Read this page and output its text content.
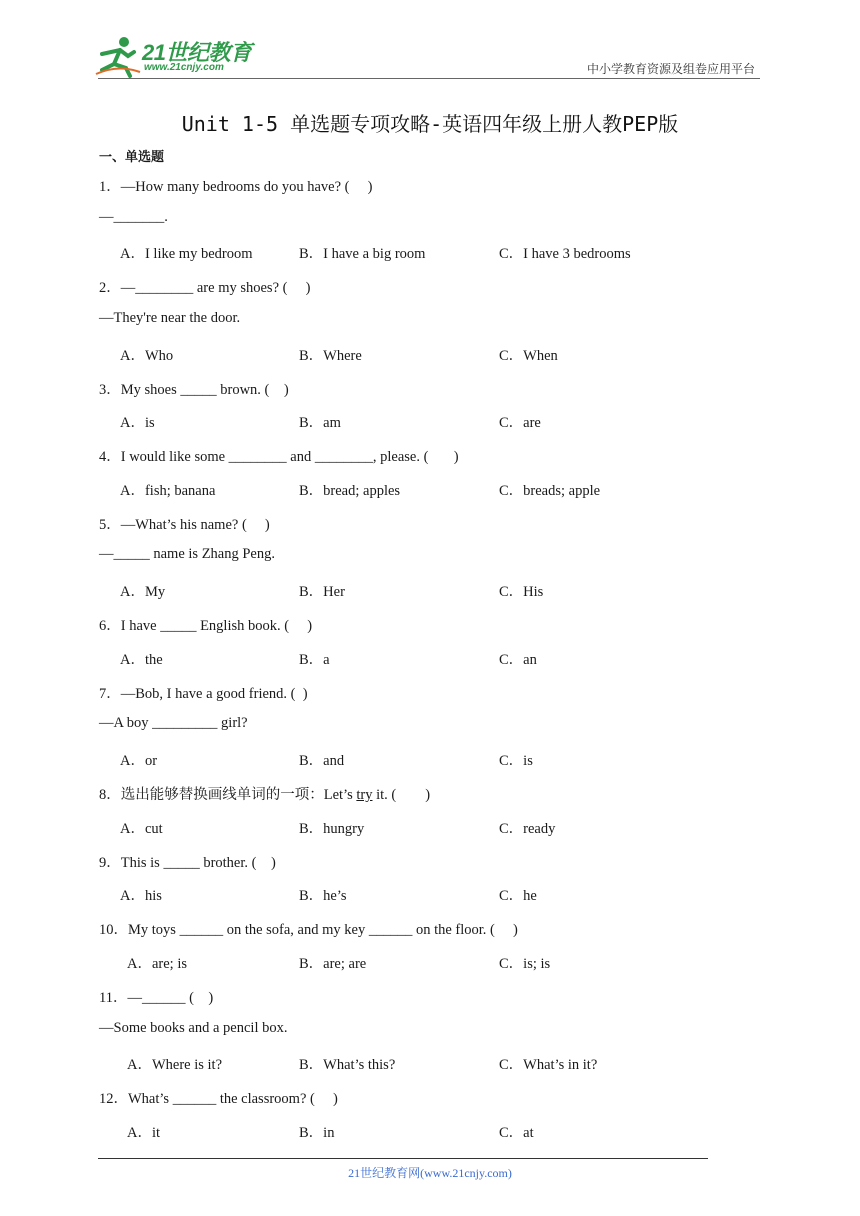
21世纪教育
www.21cnjy.com	中小学教育资源及组卷应用平台
Unit 1-5 单选题专项攻略-英语四年级上册人教PEP版
一、单选题
1．—How many bedrooms do you have? (     )
—_______.
A．I like my bedroom	B．I have a big room	C．I have 3 bedrooms
2．—________ are my shoes? (     )
—They're near the door.
A．Who	B．Where	C．When
3．My shoes _____ brown. (    )
A．is	B．am	C．are
4．I would like some ________ and ________, please. (       )
A．fish; banana	B．bread; apples	C．breads; apple
5．—What’s his name? (     )
—_____ name is Zhang Peng.
A．My	B．Her	C．His
6．I have _____ English book. (     )
A．the	B．a	C．an
7．—Bob, I have a good friend. (  )
—A boy _________ girl?
A．or	B．and	C．is
8．选出能够替换画线单词的一项：Let’s try it. (        )
A．cut	B．hungry	C．ready
9．This is _____ brother. (    )
A．his	B．he’s	C．he
10．My toys ______ on the sofa, and my key ______ on the floor. (     )
A．are; is	B．are; are	C．is; is
11．—______ (    )
—Some books and a pencil box.
A．Where is it?	B．What’s this?	C．What’s in it?
12．What’s ______ the classroom? (     )
A．it	B．in	C．at
21世纪教育网(www.21cnjy.com)
